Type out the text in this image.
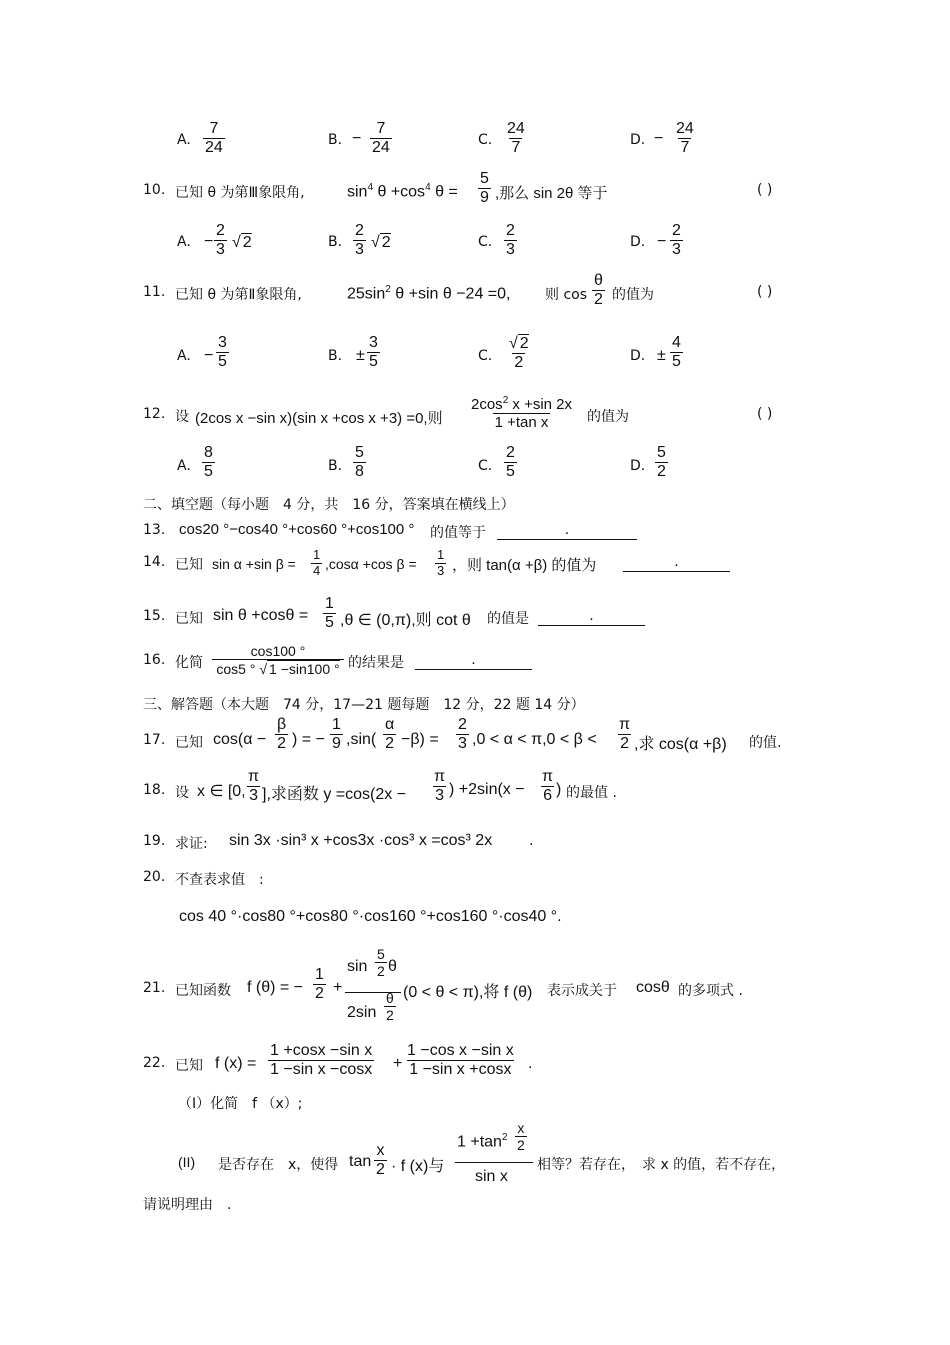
A. $\frac{7}{24}$	B. − $\frac{7}{24}$	C. $\frac{24}{7}$	D. − $\frac{24}{7}$
10. 已知 θ 为第Ⅲ象限角,	$\sin^4 \theta +\cos^4$ $\theta = \frac{5}{9}$ ,那么 sin 2θ 等于	( )
A. − $\frac{2}{3}$ √ 2	B. $\frac{2}{3}$ √ 2	C. $\frac{2}{3}$	D. − $\frac{2}{3}$
11. 已知 θ 为第Ⅱ象限角,	$25\sin^2$ θ +sin θ −24 =0, 则 $\cos \frac{\theta}{2}$ 的值为	( )
A. − $\frac{3}{5}$	B. ± $\frac{3}{5}$	C. $\frac{√ 2}{2}$	D. ± $\frac{4}{5}$
12. 设 (2cos x −sin x)(sin x +cos x +3) =0,则 $\frac{2\cos^2 x +\sin 2x}{\text{1 +tan x}}$ 的值为	( )
A. $\frac{8}{5}$	B. $\frac{5}{8}$	C. $\frac{2}{5}$	D. $\frac{5}{2}$
二、填空题（每小题　4 分，共　16 分，答案填在横线上）
13. cos20 °−cos40 °+cos60 °+cos100 ° 的值等于	.
14. 已知 sin α +sin $\beta = \frac{1}{4} ,\cos\alpha +\cos$ $\beta = \frac{1}{3}$ ，则 tan(α +β) 的值为	.
15. 已知 $\sin \theta +\cos\theta = \frac{1}{5} ,\theta$ ∈ (0,π),则 cot θ 的值是	.
16. 化简 $\frac{\cos 100 ^\circ}{\cos 5 ^\circ √ 1 -\sin 100 ^\circ}$ 的结果是	.
三、解答题（本大题　74 分，17—21 题每题　12 分，22 题 14 分）
17. 已知 $\cos(\alpha - \frac{\beta}{2}$ ) = − $\frac{1}{9} ,\sin( \frac{\alpha}{2} -\beta) = \frac{2}{3} ,0 < \alpha < \pi,0 < \beta < \frac{\pi}{2}$ ,求 cos(α +β) 的值.
18. 设 x ∈ [0, $\frac{\pi}{3}$ ],求函数 $y =\cos(2x - \frac{\pi}{3}$ ) $+2\sin(x - \frac{\pi}{6}$ ) 的最值 .
19. 求证: sin 3x ·sin³ x +cos3x ·cos³ x =cos³ 2x .
20. 不查表求值　:
cos 40 °·cos80 °+cos80 °·cos160 °+cos160 °·cos40 °.
21. 已知函数 f (θ) = − $\frac{1}{2}$ +
$\sin \frac{5}{2}$ θ
$2\sin \frac{\theta}{2} (0 < \theta < \pi)$,将 f (θ) 表示成关于 cosθ 的多项式 .
22. 已知 f $(x) = \frac{\text{1 +cosx −sin x}}{\text{1 −sin x −cosx}} + \frac{\text{1 −cos x −sin x}}{\text{1 −sin x +cosx}}$ .
（I）化简　f （x）;
(II) 是否存在　x，使得 $\tan \frac{x}{2} \cdot f$ (x)与
$1 +\tan^2 \frac{x}{2}$
sin x
相等？若存在，　求 x 的值，若不存在，
请说明理由　.
